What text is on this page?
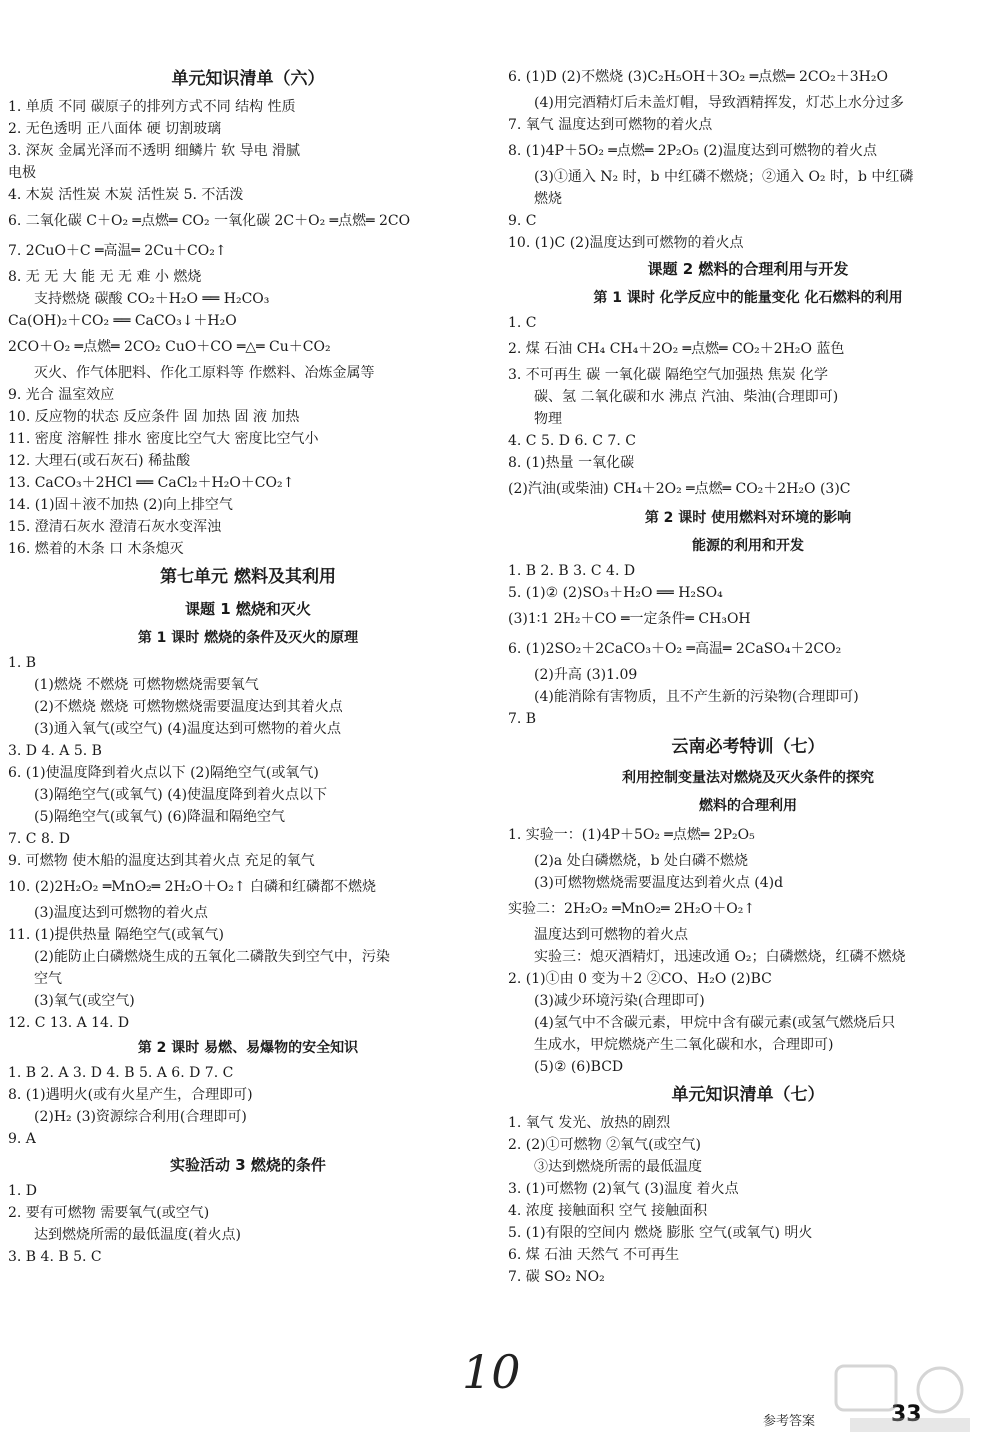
单元知识清单（六）
1. 单质 不同 碳原子的排列方式不同 结构 性质
2. 无色透明 正八面体 硬 切割玻璃
3. 深灰 金属光泽而不透明 细鳞片 软 导电 滑腻
电极
4. 木炭 活性炭 木炭 活性炭 5. 不活泼
6. 二氧化碳 C＋O₂ ═点燃═ CO₂ 一氧化碳 2C＋O₂ ═点燃═ 2CO
7. 2CuO＋C ═高温═ 2Cu＋CO₂↑
8. 无 无 大 能 无 无 难 小 燃烧
支持燃烧 碳酸 CO₂＋H₂O ══ H₂CO₃
Ca(OH)₂＋CO₂ ══ CaCO₃↓＋H₂O
2CO＋O₂ ═点燃═ 2CO₂ CuO＋CO ═△═ Cu＋CO₂
灭火、作气体肥料、作化工原料等 作燃料、冶炼金属等
9. 光合 温室效应
10. 反应物的状态 反应条件 固 加热 固 液 加热
11. 密度 溶解性 排水 密度比空气大 密度比空气小
12. 大理石(或石灰石) 稀盐酸
13. CaCO₃＋2HCl ══ CaCl₂＋H₂O＋CO₂↑
14. (1)固＋液不加热 (2)向上排空气
15. 澄清石灰水 澄清石灰水变浑浊
16. 燃着的木条 口 木条熄灭
第七单元 燃料及其利用
课题 1 燃烧和灭火
第 1 课时 燃烧的条件及灭火的原理
1. B
(1)燃烧 不燃烧 可燃物燃烧需要氧气
(2)不燃烧 燃烧 可燃物燃烧需要温度达到其着火点
(3)通入氧气(或空气) (4)温度达到可燃物的着火点
3. D 4. A 5. B
6. (1)使温度降到着火点以下 (2)隔绝空气(或氧气)
(3)隔绝空气(或氧气) (4)使温度降到着火点以下
(5)隔绝空气(或氧气) (6)降温和隔绝空气
7. C 8. D
9. 可燃物 使木船的温度达到其着火点 充足的氧气
10. (2)2H₂O₂ ═MnO₂═ 2H₂O＋O₂↑ 白磷和红磷都不燃烧
(3)温度达到可燃物的着火点
11. (1)提供热量 隔绝空气(或氧气)
(2)能防止白磷燃烧生成的五氧化二磷散失到空气中，污染
空气
(3)氧气(或空气)
12. C 13. A 14. D
第 2 课时 易燃、易爆物的安全知识
1. B 2. A 3. D 4. B 5. A 6. D 7. C
8. (1)遇明火(或有火星产生，合理即可)
(2)H₂ (3)资源综合利用(合理即可)
9. A
实验活动 3 燃烧的条件
1. D
2. 要有可燃物 需要氧气(或空气)
达到燃烧所需的最低温度(着火点)
3. B 4. B 5. C
6. (1)D (2)不燃烧 (3)C₂H₅OH＋3O₂ ═点燃═ 2CO₂＋3H₂O
(4)用完酒精灯后未盖灯帽，导致酒精挥发，灯芯上水分过多
7. 氧气 温度达到可燃物的着火点
8. (1)4P＋5O₂ ═点燃═ 2P₂O₅ (2)温度达到可燃物的着火点
(3)①通入 N₂ 时，b 中红磷不燃烧；②通入 O₂ 时，b 中红磷
燃烧
9. C
10. (1)C (2)温度达到可燃物的着火点
课题 2 燃料的合理利用与开发
第 1 课时 化学反应中的能量变化 化石燃料的利用
1. C
2. 煤 石油 CH₄ CH₄＋2O₂ ═点燃═ CO₂＋2H₂O 蓝色
3. 不可再生 碳 一氧化碳 隔绝空气加强热 焦炭 化学
碳、氢 二氧化碳和水 沸点 汽油、柴油(合理即可)
物理
4. C 5. D 6. C 7. C
8. (1)热量 一氧化碳
(2)汽油(或柴油) CH₄＋2O₂ ═点燃═ CO₂＋2H₂O (3)C
第 2 课时 使用燃料对环境的影响
能源的利用和开发
1. B 2. B 3. C 4. D
5. (1)② (2)SO₃＋H₂O ══ H₂SO₄
(3)1∶1 2H₂＋CO ═一定条件═ CH₃OH
6. (1)2SO₂＋2CaCO₃＋O₂ ═高温═ 2CaSO₄＋2CO₂
(2)升高 (3)1.09
(4)能消除有害物质，且不产生新的污染物(合理即可)
7. B
云南必考特训（七）
利用控制变量法对燃烧及灭火条件的探究
燃料的合理利用
1. 实验一：(1)4P＋5O₂ ═点燃═ 2P₂O₅
(2)a 处白磷燃烧，b 处白磷不燃烧
(3)可燃物燃烧需要温度达到着火点 (4)d
实验二：2H₂O₂ ═MnO₂═ 2H₂O＋O₂↑
温度达到可燃物的着火点
实验三：熄灭酒精灯，迅速改通 O₂；白磷燃烧，红磷不燃烧
2. (1)①由 0 变为＋2 ②CO、H₂O (2)BC
(3)减少环境污染(合理即可)
(4)氢气中不含碳元素，甲烷中含有碳元素(或氢气燃烧后只
生成水，甲烷燃烧产生二氧化碳和水，合理即可)
(5)② (6)BCD
单元知识清单（七）
1. 氧气 发光、放热的剧烈
2. (2)①可燃物 ②氧气(或空气)
③达到燃烧所需的最低温度
3. (1)可燃物 (2)氧气 (3)温度 着火点
4. 浓度 接触面积 空气 接触面积
5. (1)有限的空间内 燃烧 膨胀 空气(或氧气) 明火
6. 煤 石油 天然气 不可再生
7. 碳 SO₂ NO₂
参考答案	33
10
